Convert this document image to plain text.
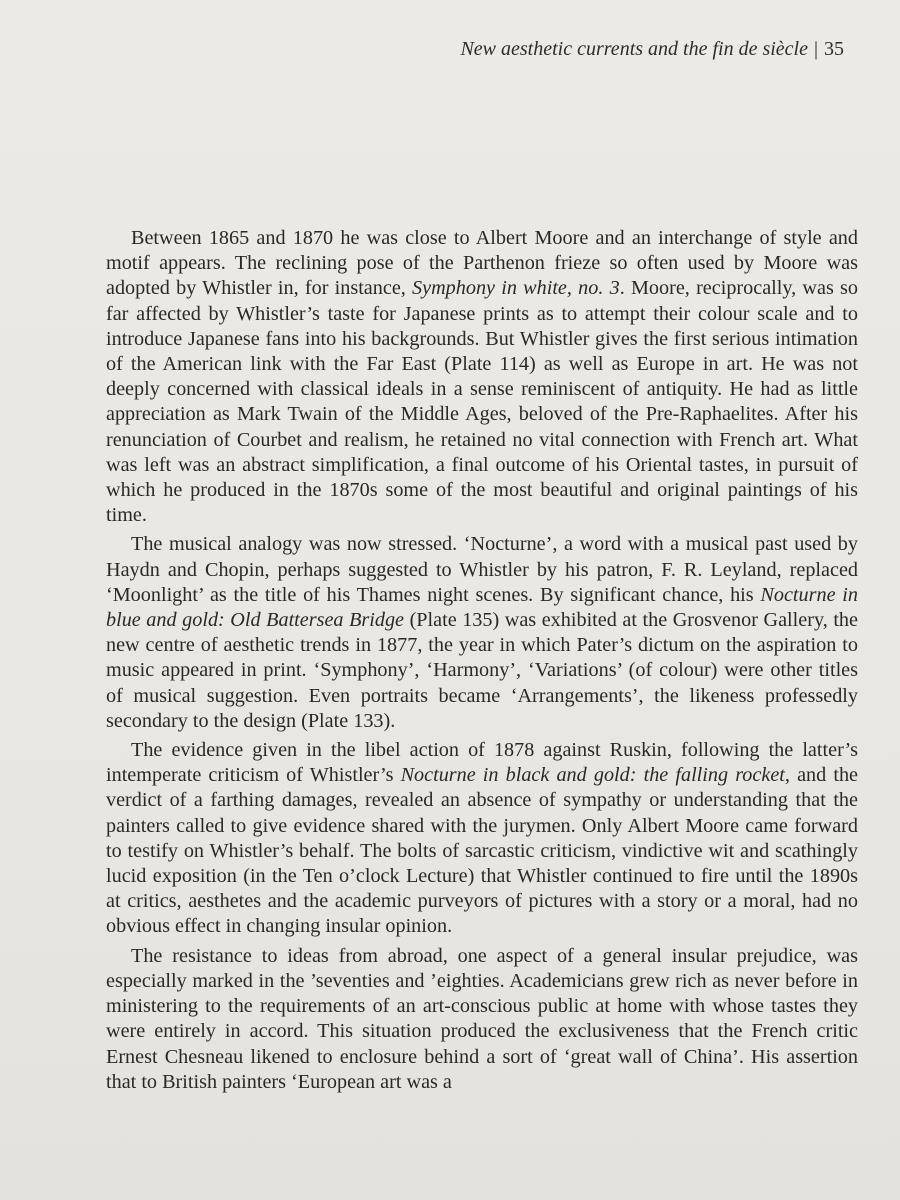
New aesthetic currents and the fin de siècle | 35

Between 1865 and 1870 he was close to Albert Moore and an interchange of style and motif appears. The reclining pose of the Parthenon frieze so often used by Moore was adopted by Whistler in, for instance, Symphony in white, no. 3. Moore, reciprocally, was so far affected by Whistler’s taste for Japanese prints as to attempt their colour scale and to introduce Japanese fans into his backgrounds. But Whistler gives the first serious intimation of the American link with the Far East (Plate 114) as well as Europe in art. He was not deeply concerned with classical ideals in a sense reminiscent of antiquity. He had as little appreciation as Mark Twain of the Middle Ages, beloved of the Pre-Raphaelites. After his renunciation of Courbet and realism, he retained no vital connection with French art. What was left was an abstract simplification, a final outcome of his Oriental tastes, in pursuit of which he produced in the 1870s some of the most beautiful and original paintings of his time.

The musical analogy was now stressed. ‘Nocturne’, a word with a musical past used by Haydn and Chopin, perhaps suggested to Whistler by his patron, F. R. Leyland, replaced ‘Moonlight’ as the title of his Thames night scenes. By significant chance, his Nocturne in blue and gold: Old Battersea Bridge (Plate 135) was exhibited at the Grosvenor Gallery, the new centre of aesthetic trends in 1877, the year in which Pater’s dictum on the aspiration to music appeared in print. ‘Symphony’, ‘Harmony’, ‘Variations’ (of colour) were other titles of musical suggestion. Even portraits became ‘Arrangements’, the likeness professedly secondary to the design (Plate 133).

The evidence given in the libel action of 1878 against Ruskin, following the latter’s intemperate criticism of Whistler’s Nocturne in black and gold: the falling rocket, and the verdict of a farthing damages, revealed an absence of sympathy or understanding that the painters called to give evidence shared with the jurymen. Only Albert Moore came forward to testify on Whistler’s behalf. The bolts of sarcastic criticism, vindictive wit and scathingly lucid exposition (in the Ten o’clock Lecture) that Whistler continued to fire until the 1890s at critics, aesthetes and the academic purveyors of pictures with a story or a moral, had no obvious effect in changing insular opinion.

The resistance to ideas from abroad, one aspect of a general insular prejudice, was especially marked in the ’seventies and ’eighties. Academicians grew rich as never before in ministering to the requirements of an art-conscious public at home with whose tastes they were entirely in accord. This situation produced the exclusiveness that the French critic Ernest Chesneau likened to enclosure behind a sort of ‘great wall of China’. His assertion that to British painters ‘European art was a
